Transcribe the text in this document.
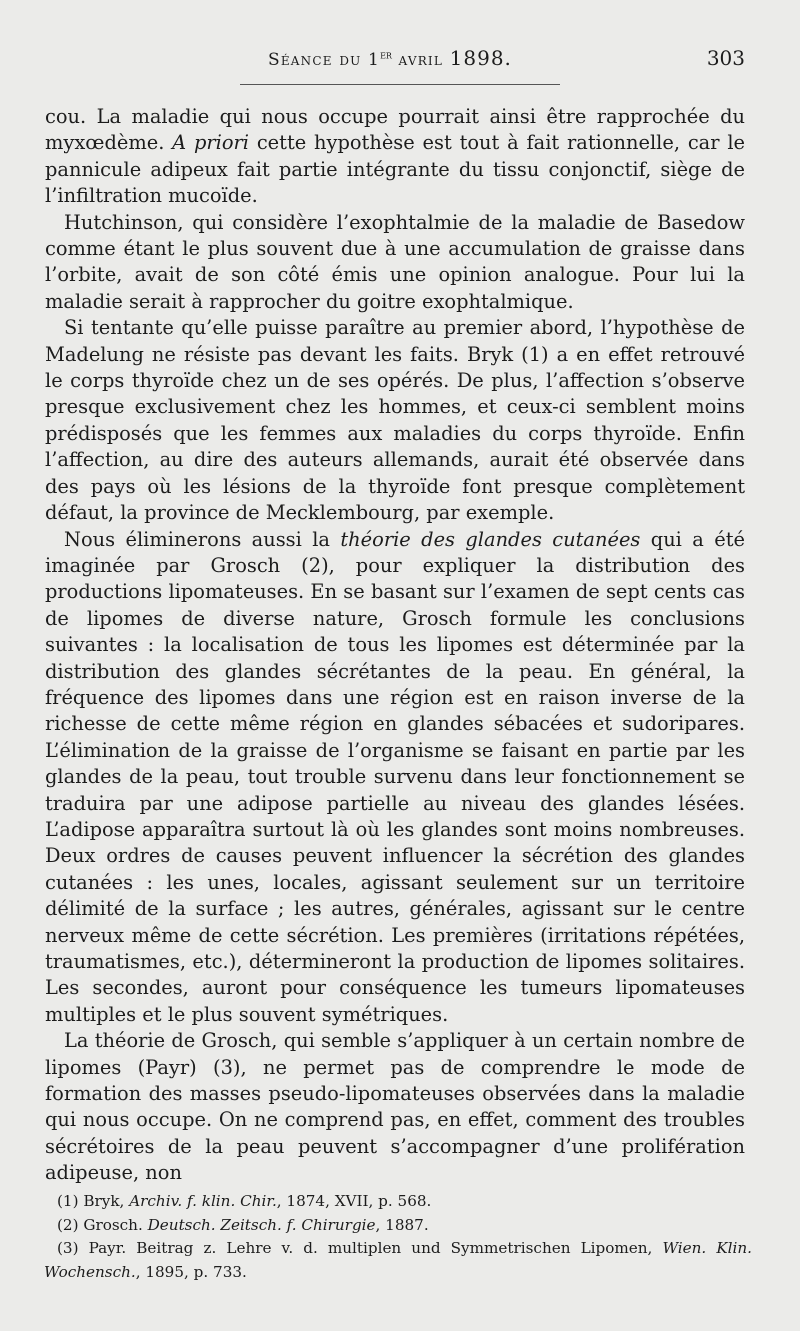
Séance du 1er avril 1898.	303

cou. La maladie qui nous occupe pourrait ainsi être rapprochée du myxœdème. A priori cette hypothèse est tout à fait rationnelle, car le pannicule adipeux fait partie intégrante du tissu conjonctif, siège de l’infiltration mucoïde.

Hutchinson, qui considère l’exophtalmie de la maladie de Basedow comme étant le plus souvent due à une accumulation de graisse dans l’orbite, avait de son côté émis une opinion analogue. Pour lui la maladie serait à rapprocher du goitre exophtalmique.

Si tentante qu’elle puisse paraître au premier abord, l’hypothèse de Madelung ne résiste pas devant les faits. Bryk (1) a en effet retrouvé le corps thyroïde chez un de ses opérés. De plus, l’affection s’observe presque exclusivement chez les hommes, et ceux-ci semblent moins prédisposés que les femmes aux maladies du corps thyroïde. Enfin l’affection, au dire des auteurs allemands, aurait été observée dans des pays où les lésions de la thyroïde font presque complètement défaut, la province de Mecklembourg, par exemple.

Nous éliminerons aussi la théorie des glandes cutanées qui a été imaginée par Grosch (2), pour expliquer la distribution des productions lipomateuses. En se basant sur l’examen de sept cents cas de lipomes de diverse nature, Grosch formule les conclusions suivantes : la localisation de tous les lipomes est déterminée par la distribution des glandes sécrétantes de la peau. En général, la fréquence des lipomes dans une région est en raison inverse de la richesse de cette même région en glandes sébacées et sudoripares. L’élimination de la graisse de l’organisme se faisant en partie par les glandes de la peau, tout trouble survenu dans leur fonctionnement se traduira par une adipose partielle au niveau des glandes lésées. L’adipose apparaîtra surtout là où les glandes sont moins nombreuses. Deux ordres de causes peuvent influencer la sécrétion des glandes cutanées : les unes, locales, agissant seulement sur un territoire délimité de la surface ; les autres, générales, agissant sur le centre nerveux même de cette sécrétion. Les premières (irritations répétées, traumatismes, etc.), détermineront la production de lipomes solitaires. Les secondes, auront pour conséquence les tumeurs lipomateuses multiples et le plus souvent symétriques.

La théorie de Grosch, qui semble s’appliquer à un certain nombre de lipomes (Payr) (3), ne permet pas de comprendre le mode de formation des masses pseudo-lipomateuses observées dans la maladie qui nous occupe. On ne comprend pas, en effet, comment des troubles sécrétoires de la peau peuvent s’accompagner d’une prolifération adipeuse, non

(1) Bryk, Archiv. f. klin. Chir., 1874, XVII, p. 568.

(2) Grosch. Deutsch. Zeitsch. f. Chirurgie, 1887.

(3) Payr. Beitrag z. Lehre v. d. multiplen und Symmetrischen Lipomen, Wien. Klin. Wochensch., 1895, p. 733.
